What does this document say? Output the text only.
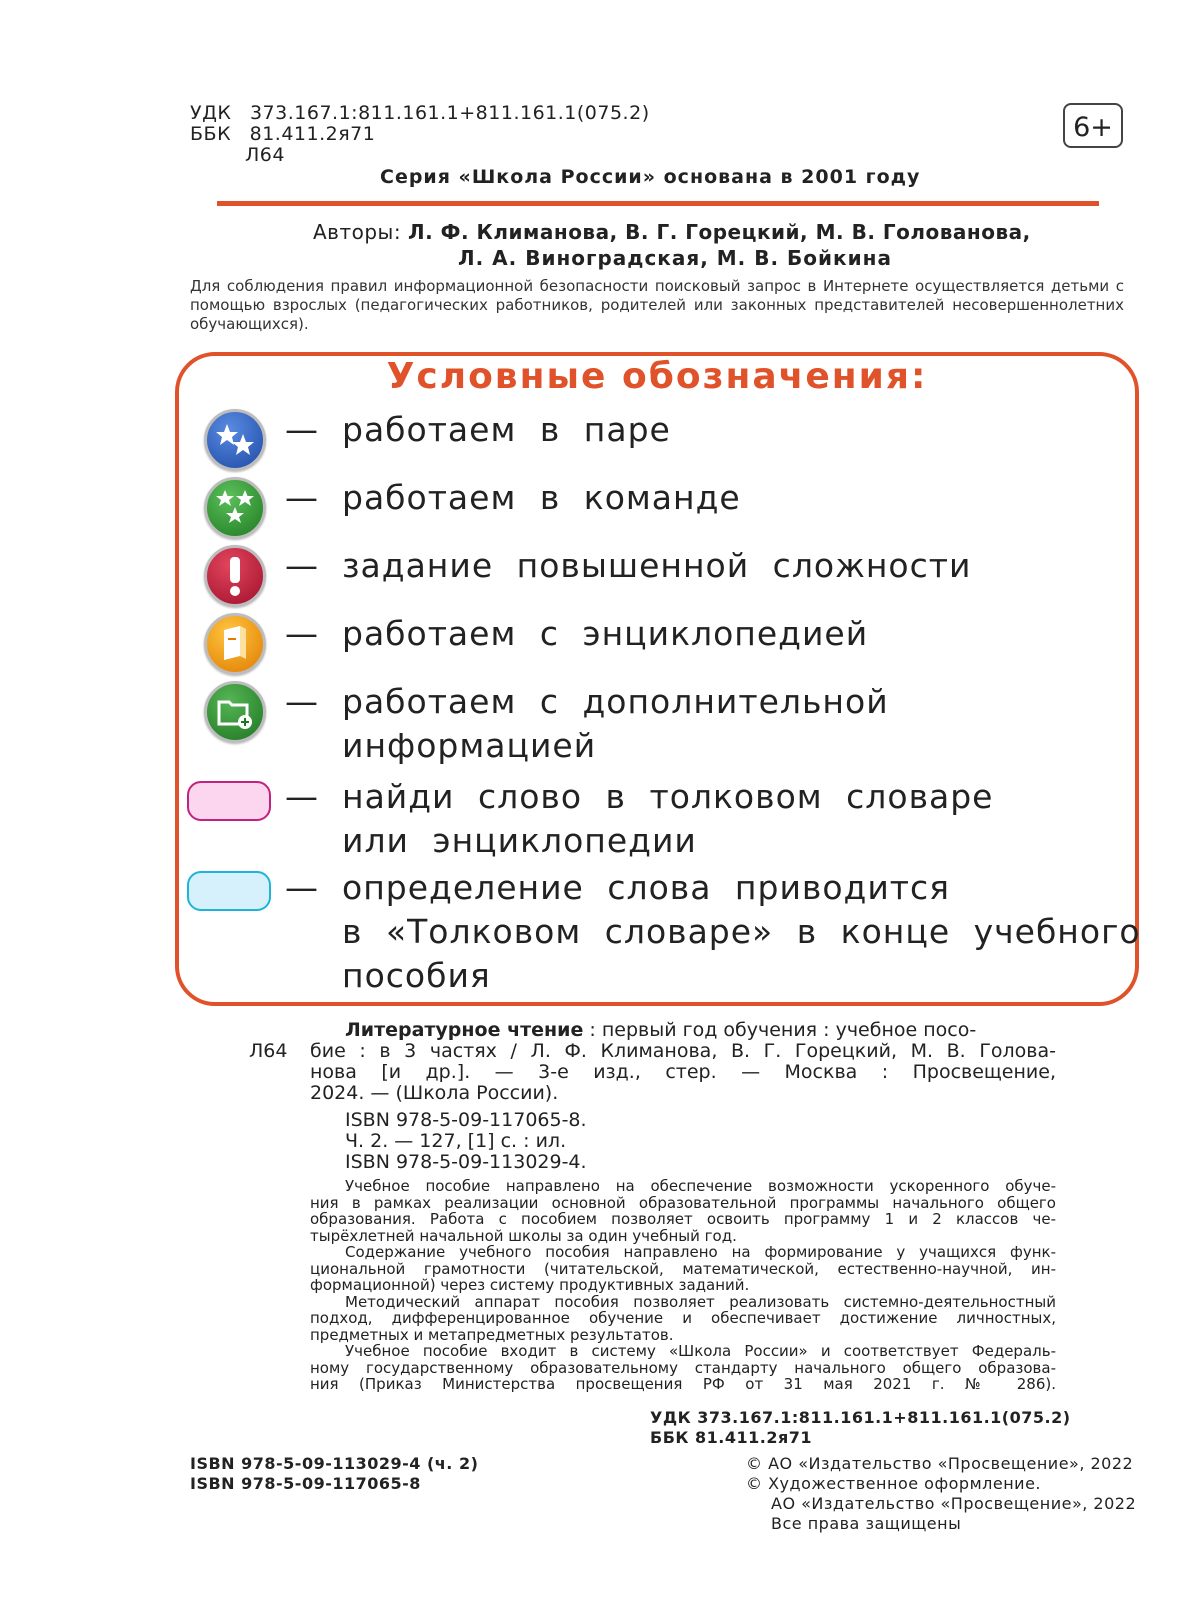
УДК 373.167.1:811.161.1+811.161.1(075.2)
ББК 81.411.2я71
Л64
6+
Серия «Школа России» основана в 2001 году
Авторы: Л. Ф. Климанова, В. Г. Горецкий, М. В. Голованова,
Л. А. Виноградская, М. В. Бойкина
Для соблюдения правил информационной безопасности поисковый запрос в Интернете осуществляется детьми с помощью взрослых (педагогических работников, родителей или законных представителей несовершеннолетних обучающихся).
Условные обозначения:
— работаем в паре
— работаем в команде
— задание повышенной сложности
— работаем с энциклопедией
— работаем с дополнительной
информацией
— найди слово в толковом словаре
или энциклопедии
— определение слова приводится
в «Толковом словаре» в конце учебного
пособия
Л64
Литературное чтение : первый год обучения : учебное посо-
бие : в 3 частях / Л. Ф. Климанова, В. Г. Горецкий, М. В. Голова-
нова [и др.]. — 3-е изд., стер. — Москва : Просвещение,
2024. — (Школа России).
ISBN 978-5-09-117065-8.
Ч. 2. — 127, [1] с. : ил.
ISBN 978-5-09-113029-4.
Учебное пособие направлено на обеспечение возможности ускоренного обуче-
ния в рамках реализации основной образовательной программы начального общего
образования. Работа с пособием позволяет освоить программу 1 и 2 классов че-
тырёхлетней начальной школы за один учебный год.
Содержание учебного пособия направлено на формирование у учащихся функ-
циональной грамотности (читательской, математической, естественно-научной, ин-
формационной) через систему продуктивных заданий.
Методический аппарат пособия позволяет реализовать системно-деятельностный
подход, дифференцированное обучение и обеспечивает достижение личностных,
предметных и метапредметных результатов.
Учебное пособие входит в систему «Школа России» и соответствует Федераль-
ному государственному образовательному стандарту начального общего образова-
ния (Приказ Министерства просвещения РФ от 31 мая 2021 г. № 286).
УДК 373.167.1:811.161.1+811.161.1(075.2)
ББК 81.411.2я71
ISBN 978-5-09-113029-4 (ч. 2)
ISBN 978-5-09-117065-8
© АО «Издательство «Просвещение», 2022
© Художественное оформление.
АО «Издательство «Просвещение», 2022
Все права защищены
